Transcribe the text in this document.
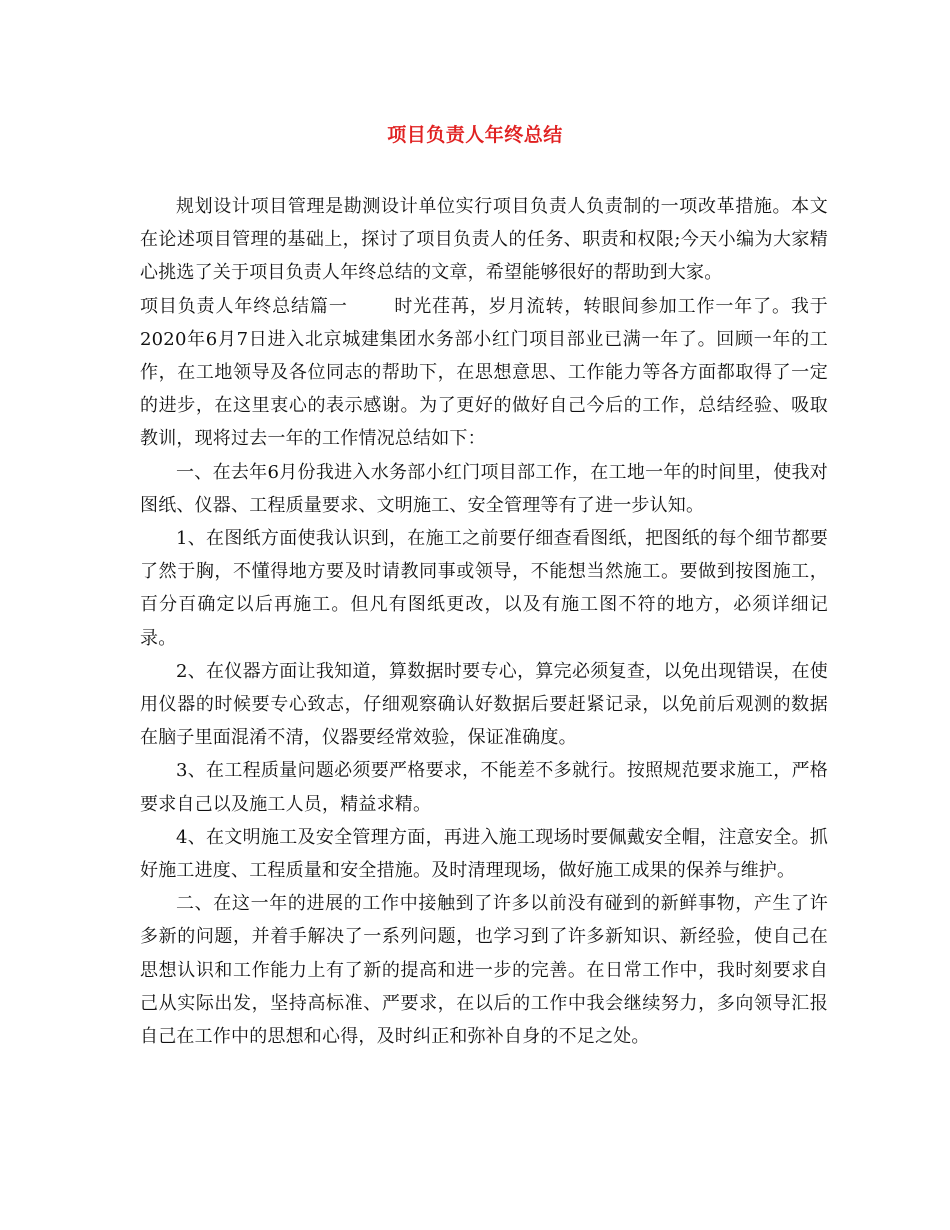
项目负责人年终总结

规划设计项目管理是勘测设计单位实行项目负责人负责制的一项改革措施。本文在论述项目管理的基础上，探讨了项目负责人的任务、职责和权限;今天小编为大家精心挑选了关于项目负责人年终总结的文章，希望能够很好的帮助到大家。

项目负责人年终总结篇一	时光荏苒，岁月流转，转眼间参加工作一年了。我于2020年6月7日进入北京城建集团水务部小红门项目部业已满一年了。回顾一年的工作，在工地领导及各位同志的帮助下，在思想意思、工作能力等各方面都取得了一定的进步，在这里衷心的表示感谢。为了更好的做好自己今后的工作，总结经验、吸取教训，现将过去一年的工作情况总结如下：

一、在去年6月份我进入水务部小红门项目部工作，在工地一年的时间里，使我对图纸、仪器、工程质量要求、文明施工、安全管理等有了进一步认知。

1、在图纸方面使我认识到，在施工之前要仔细查看图纸，把图纸的每个细节都要了然于胸，不懂得地方要及时请教同事或领导，不能想当然施工。要做到按图施工，百分百确定以后再施工。但凡有图纸更改，以及有施工图不符的地方，必须详细记录。

2、在仪器方面让我知道，算数据时要专心，算完必须复查，以免出现错误，在使用仪器的时候要专心致志，仔细观察确认好数据后要赶紧记录，以免前后观测的数据在脑子里面混淆不清，仪器要经常效验，保证准确度。

3、在工程质量问题必须要严格要求，不能差不多就行。按照规范要求施工，严格要求自己以及施工人员，精益求精。

4、在文明施工及安全管理方面，再进入施工现场时要佩戴安全帽，注意安全。抓好施工进度、工程质量和安全措施。及时清理现场，做好施工成果的保养与维护。

二、在这一年的进展的工作中接触到了许多以前没有碰到的新鲜事物，产生了许多新的问题，并着手解决了一系列问题，也学习到了许多新知识、新经验，使自己在思想认识和工作能力上有了新的提高和进一步的完善。在日常工作中，我时刻要求自己从实际出发，坚持高标准、严要求，在以后的工作中我会继续努力，多向领导汇报自己在工作中的思想和心得，及时纠正和弥补自身的不足之处。
